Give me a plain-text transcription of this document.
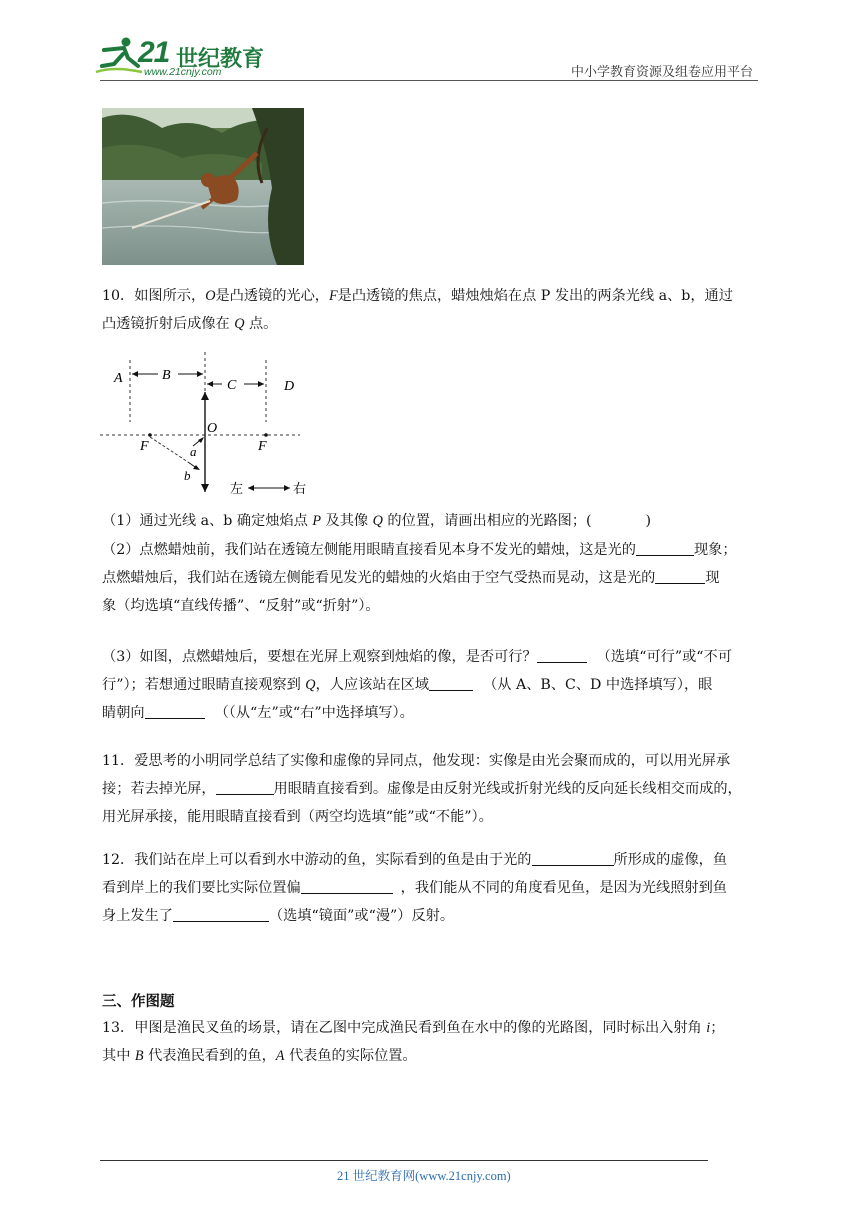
21 世纪教育
www.21cnjy.com	中小学教育资源及组卷应用平台

10．如图所示，O是凸透镜的光心，F是凸透镜的焦点，蜡烛烛焰在点 P 发出的两条光线 a、b，通过

凸透镜折射后成像在 Q 点。

A	B
C	D
O
F	F
a
b
左	右

（1）通过光线 a、b 确定烛焰点 P 及其像 Q 的位置，请画出相应的光路图；(	)

（2）点燃蜡烛前，我们站在透镜左侧能用眼睛直接看见本身不发光的蜡烛，这是光的	现象；

点燃蜡烛后，我们站在透镜左侧能看见发光的蜡烛的火焰由于空气受热而晃动，这是光的	现

象（均选填“直线传播”、“反射”或“折射”）。

（3）如图，点燃蜡烛后，要想在光屏上观察到烛焰的像，是否可行？	（选填“可行”或“不可

行”）；若想通过眼睛直接观察到 Q，人应该站在区域	（从 A、B、C、D 中选择填写），眼

睛朝向	（（从“左”或“右”中选择填写）。

11．爱思考的小明同学总结了实像和虚像的异同点，他发现：实像是由光会聚而成的，可以用光屏承

接；若去掉光屏，	用眼睛直接看到。虚像是由反射光线或折射光线的反向延长线相交而成的，

用光屏承接，能用眼睛直接看到（两空均选填“能”或“不能”）。

12．我们站在岸上可以看到水中游动的鱼，实际看到的鱼是由于光的	所形成的虚像，鱼

看到岸上的我们要比实际位置偏	，我们能从不同的角度看见鱼，是因为光线照射到鱼

身上发生了	（选填“镜面”或“漫”）反射。

三、作图题

13．甲图是渔民叉鱼的场景，请在乙图中完成渔民看到鱼在水中的像的光路图，同时标出入射角 i；

其中 B 代表渔民看到的鱼，A 代表鱼的实际位置。

21 世纪教育网(www.21cnjy.com)
